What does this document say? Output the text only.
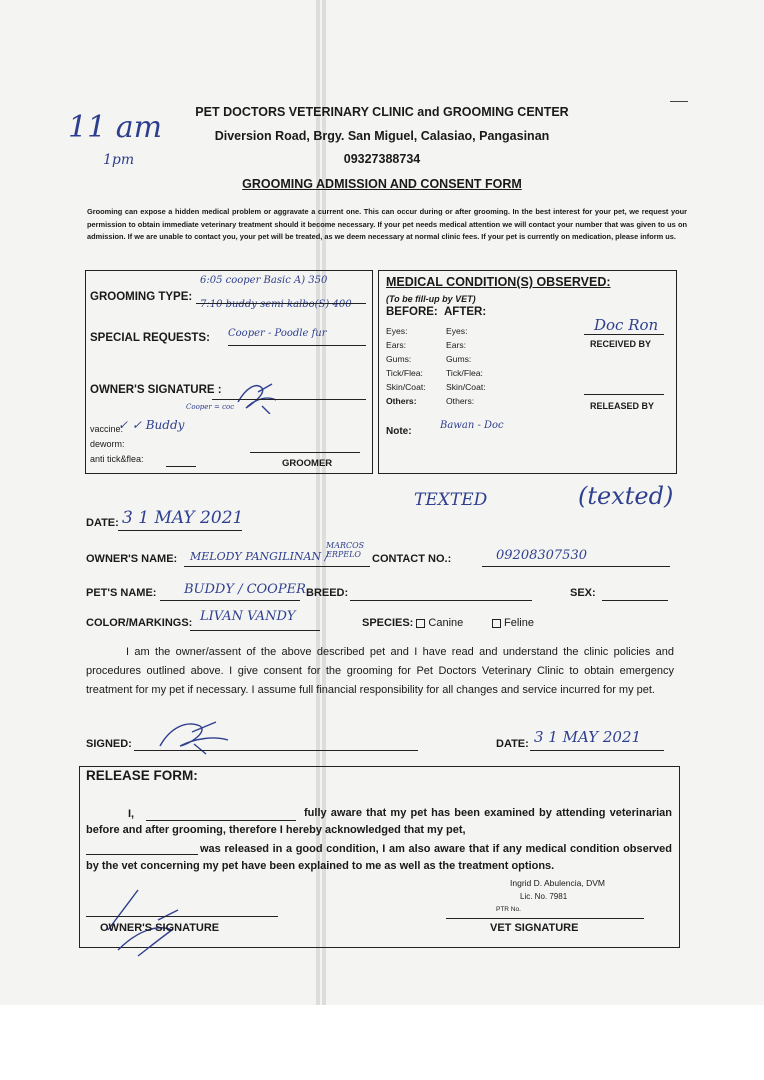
11 am
1pm
PET DOCTORS VETERINARY CLINIC and GROOMING CENTER
Diversion Road, Brgy. San Miguel, Calasiao, Pangasinan
09327388734
GROOMING ADMISSION AND CONSENT FORM
Grooming can expose a hidden medical problem or aggravate a current one. This can occur during or after grooming. In the best interest for your pet, we request your permission to obtain immediate veterinary treatment should it become necessary. If your pet needs medical attention we will contact your number that was given to us on admission. If we are unable to contact you, your pet will be treated, as we deem necessary at normal clinic fees. If your pet is currently on medication, please inform us.
GROOMING TYPE:
6:05 cooper Basic A) 350
7:10 buddy semi kalbo(S) 400
SPECIAL REQUESTS: Cooper - Poodle fur
OWNER'S SIGNATURE :
Cooper = coc
vaccine:
✓ ✓ Buddy
deworm:
anti tick&flea:	GROOMER
MEDICAL CONDITION(S) OBSERVED:
(To be fill-up by VET)
BEFORE: AFTER:
Eyes:	Eyes:
Ears:	Ears:
Gums:	Gums:
Tick/Flea:	Tick/Flea:
Skin/Coat: Skin/Coat:
Others:	Others:
Doc Ron
RECEIVED BY
RELEASED BY
Note:
Bawan - Doc
TEXTED	(texted)
DATE: 3 1 MAY 2021
OWNER'S NAME: MELODY PANGILINAN /
MARCOS ERPELO	CONTACT NO.:	09208307530
PET'S NAME: BUDDY / COOPER BREED:	SEX:
COLOR/MARKINGS: LIVAN VANDY	SPECIES: Canine	Feline
I am the owner/assent of the above described pet and I have read and understand the clinic policies and procedures outlined above. I give consent for the grooming for Pet Doctors Veterinary Clinic to obtain emergency treatment for my pet if necessary. I assume full financial responsibility for all changes and service incurred for my pet.
SIGNED:	DATE: 3 1 MAY 2021
RELEASE FORM:
I,	fully aware that my pet has been examined by attending veterinarian before and after grooming, therefore I hereby acknowledged that my pet,
was released in a good condition, I am also aware that if any medical condition observed by the vet concerning my pet have been explained to me as well as the treatment options.
OWNER'S SIGNATURE
Ingrid D. Abulencia, DVM
Lic. No. 7981
PTR No.
VET SIGNATURE
